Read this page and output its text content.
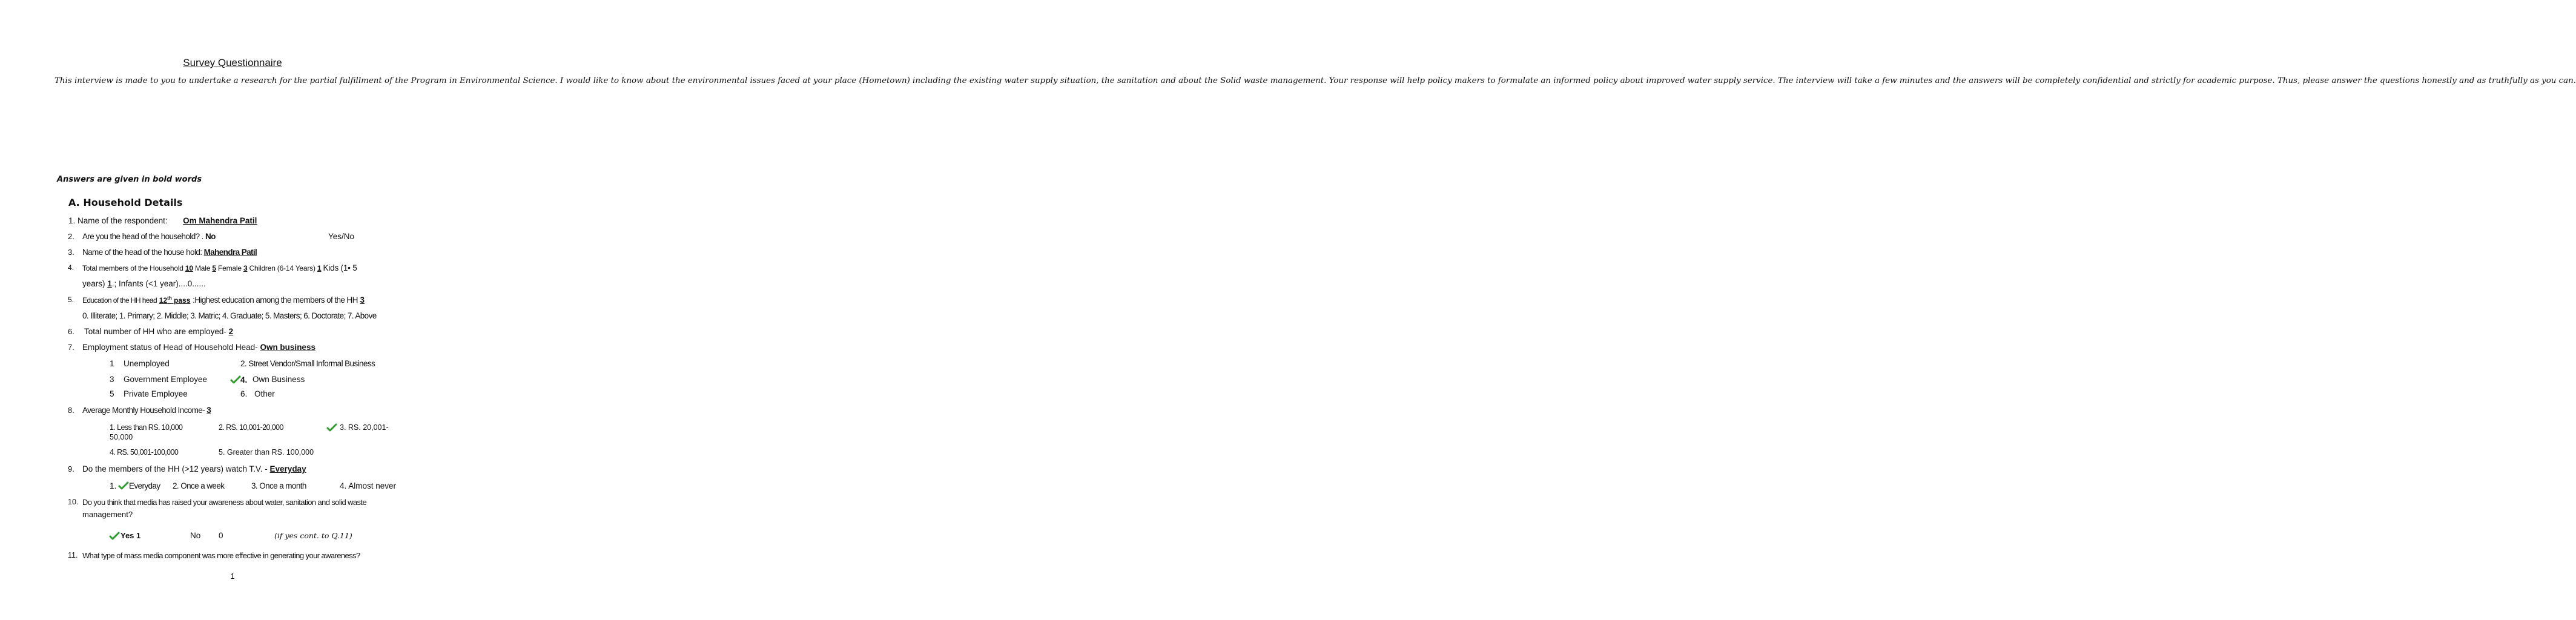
Survey Questionnaire

This interview is made to you to undertake a research for the partial fulfillment of the Program in Environmental Science. I would like to know about the environmental issues faced at your place (Hometown) including the existing water supply situation, the sanitation and about the Solid waste management. Your response will help policy makers to formulate an informed policy about improved water supply service. The interview will take a few minutes and the answers will be completely confidential and strictly for academic purpose. Thus, please answer the questions honestly and as truthfully as you can.

Answers are given in bold words
A. Household Details
1. Name of the respondent: Om Mahendra Patil
2. Are you the head of the household? . No	Yes/No
3. Name of the head of the house hold: Mahendra Patil
4. Total members of the Household 10 Male 5 Female 3 Children (6-14 Years) 1 Kids (1• 5
years) 1.; Infants (<1 year)....0......
5. Education of the HH head 12th pass :Highest education among the members of the HH 3
0. Illiterate; 1. Primary; 2. Middle; 3. Matric; 4. Graduate; 5. Masters; 6. Doctorate; 7. Above
6. Total number of HH who are employed- 2
7. Employment status of Head of Household Head- Own business
1 Unemployed	2. Street Vendor/Small Informal Business
3 Government Employee	4. Own Business
5 Private Employee	6. Other
8. Average Monthly Household Income- 3
1. Less than RS. 10,000	2. RS. 10,001-20,000	3. RS. 20,001-
50,000
4. RS. 50,001-100,000	5. Greater than RS. 100,000
9. Do the members of the HH (>12 years) watch T.V. - Everyday
1. Everyday 2. Once a week	3. Once a month	4. Almost never
10. Do you think that media has raised your awareness about water, sanitation and solid waste
management?
Yes 1	No 0	(if yes cont. to Q.11)
11. What type of mass media component was more effective in generating your awareness?
1
